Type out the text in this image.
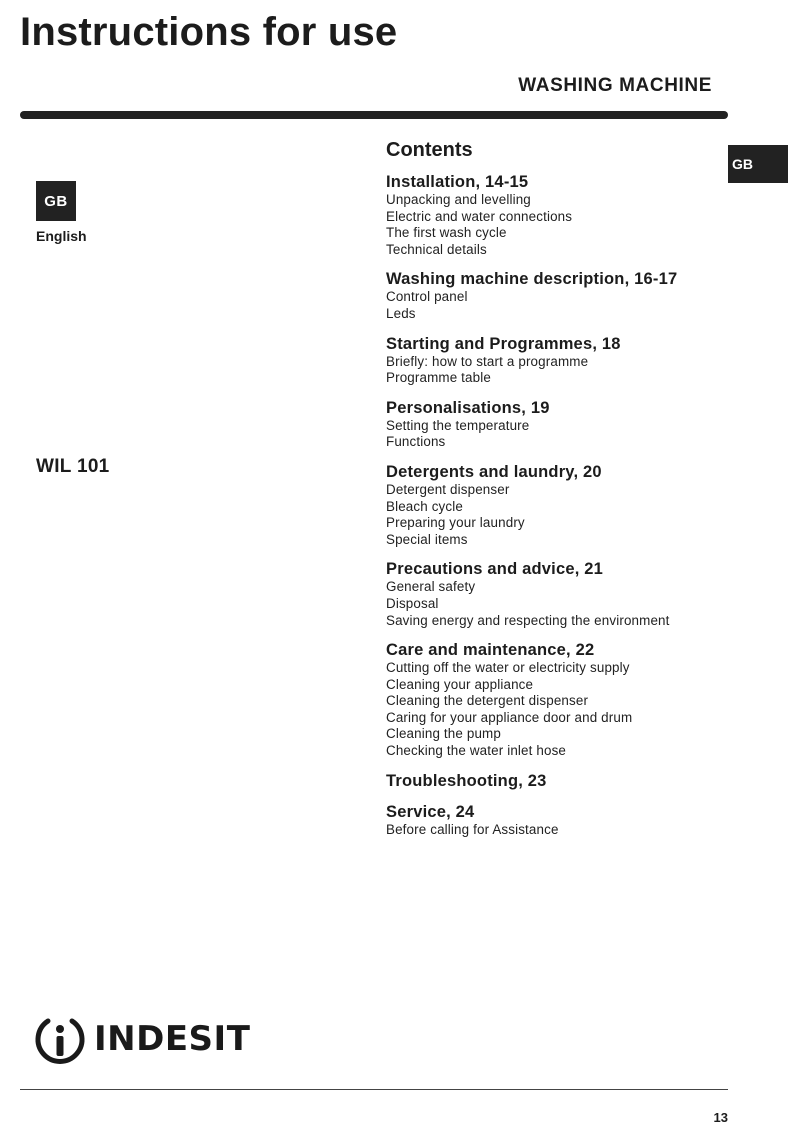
Instructions for use
WASHING MACHINE
GB
GB
English
WIL 101
Contents
Installation, 14-15
Unpacking and levelling
Electric and water connections
The first wash cycle
Technical details
Washing machine description, 16-17
Control panel
Leds
Starting and Programmes, 18
Briefly: how to start a programme
Programme table
Personalisations, 19
Setting the temperature
Functions
Detergents and laundry, 20
Detergent dispenser
Bleach cycle
Preparing your laundry
Special items
Precautions and advice, 21
General safety
Disposal
Saving energy and respecting the environment
Care and maintenance, 22
Cutting off the water or electricity supply
Cleaning your appliance
Cleaning the detergent dispenser
Caring for your appliance door and drum
Cleaning the pump
Checking the water inlet hose
Troubleshooting, 23
Service, 24
Before calling for Assistance
INDESIT
13
